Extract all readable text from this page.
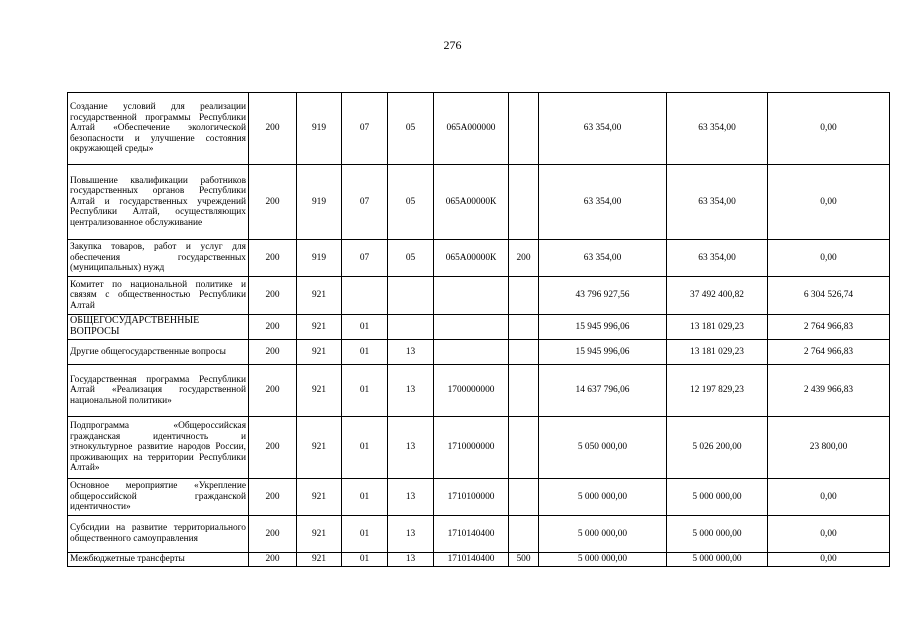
276
Создание условий для реализации государственной программы Республики Алтай «Обеспечение экологической безопасности и улучшение состояния окружающей среды»	200	919	07	05	065А000000		63 354,00	63 354,00	0,00
Повышение квалификации работников государственных органов Республики Алтай и государственных учреждений Республики Алтай, осуществляющих централизованное обслуживание	200	919	07	05	065А00000К		63 354,00	63 354,00	0,00
Закупка товаров, работ и услуг для обеспечения государственных (муниципальных) нужд	200	919	07	05	065А00000К	200	63 354,00	63 354,00	0,00
Комитет по национальной политике и связям с общественностью Республики Алтай	200	921					43 796 927,56	37 492 400,82	6 304 526,74
ОБЩЕГОСУДАРСТВЕННЫЕ ВОПРОСЫ	200	921	01				15 945 996,06	13 181 029,23	2 764 966,83
Другие общегосударственные вопросы	200	921	01	13			15 945 996,06	13 181 029,23	2 764 966,83
Государственная программа Республики Алтай «Реализация государственной национальной политики»	200	921	01	13	1700000000		14 637 796,06	12 197 829,23	2 439 966,83
Подпрограмма «Общероссийская гражданская идентичность и этнокультурное развитие народов России, проживающих на территории Республики Алтай»	200	921	01	13	1710000000		5 050 000,00	5 026 200,00	23 800,00
Основное мероприятие «Укрепление общероссийской гражданской идентичности»	200	921	01	13	1710100000		5 000 000,00	5 000 000,00	0,00
Субсидии на развитие территориального общественного самоуправления	200	921	01	13	1710140400		5 000 000,00	5 000 000,00	0,00
Межбюджетные трансферты	200	921	01	13	1710140400	500	5 000 000,00	5 000 000,00	0,00
